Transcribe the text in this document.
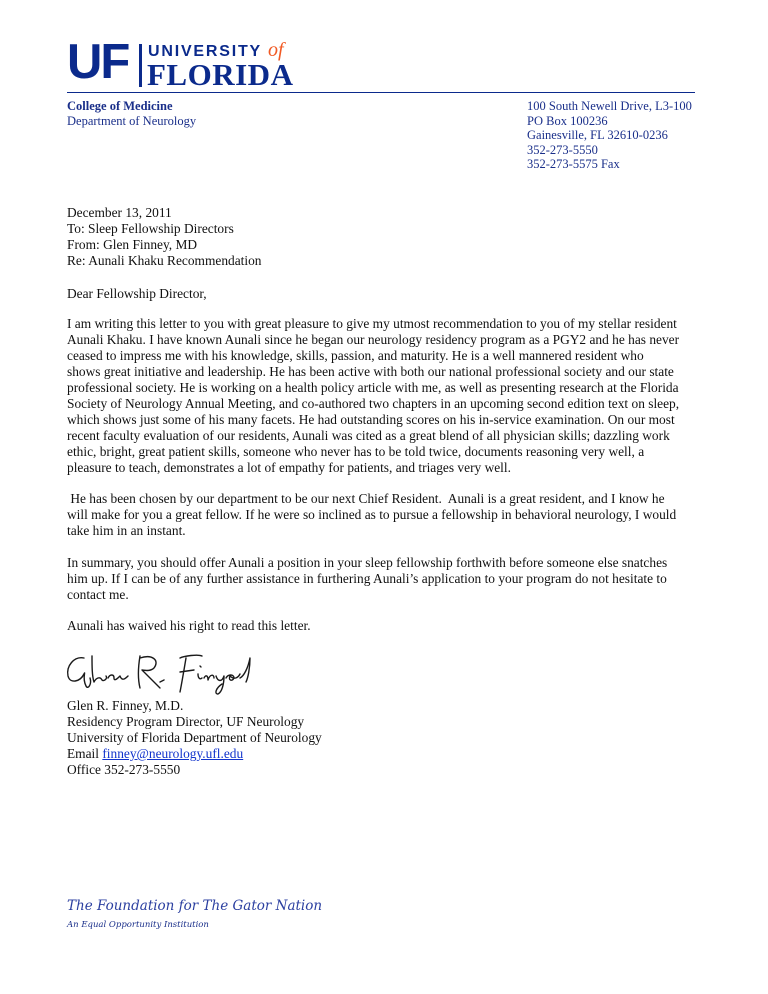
UF UNIVERSITY of
FLORIDA
College of Medicine
Department of Neurology
100 South Newell Drive, L3-100
PO Box 100236
Gainesville, FL 32610-0236
352-273-5550
352-273-5575 Fax
December 13, 2011
To: Sleep Fellowship Directors
From: Glen Finney, MD
Re: Aunali Khaku Recommendation
Dear Fellowship Director,
I am writing this letter to you with great pleasure to give my utmost recommendation to you of my stellar resident
Aunali Khaku. I have known Aunali since he began our neurology residency program as a PGY2 and he has never
ceased to impress me with his knowledge, skills, passion, and maturity. He is a well mannered resident who
shows great initiative and leadership. He has been active with both our national professional society and our state
professional society. He is working on a health policy article with me, as well as presenting research at the Florida
Society of Neurology Annual Meeting, and co-authored two chapters in an upcoming second edition text on sleep,
which shows just some of his many facets. He had outstanding scores on his in-service examination. On our most
recent faculty evaluation of our residents, Aunali was cited as a great blend of all physician skills; dazzling work
ethic, bright, great patient skills, someone who never has to be told twice, documents reasoning very well, a
pleasure to teach, demonstrates a lot of empathy for patients, and triages very well.
He has been chosen by our department to be our next Chief Resident.  Aunali is a great resident, and I know he
will make for you a great fellow. If he were so inclined as to pursue a fellowship in behavioral neurology, I would
take him in an instant.
In summary, you should offer Aunali a position in your sleep fellowship forthwith before someone else snatches
him up. If I can be of any further assistance in furthering Aunali’s application to your program do not hesitate to
contact me.
Aunali has waived his right to read this letter.
Glen R. Finney, M.D.
Residency Program Director, UF Neurology
University of Florida Department of Neurology
Email finney@neurology.ufl.edu
Office 352-273-5550
The Foundation for The Gator Nation
An Equal Opportunity Institution
